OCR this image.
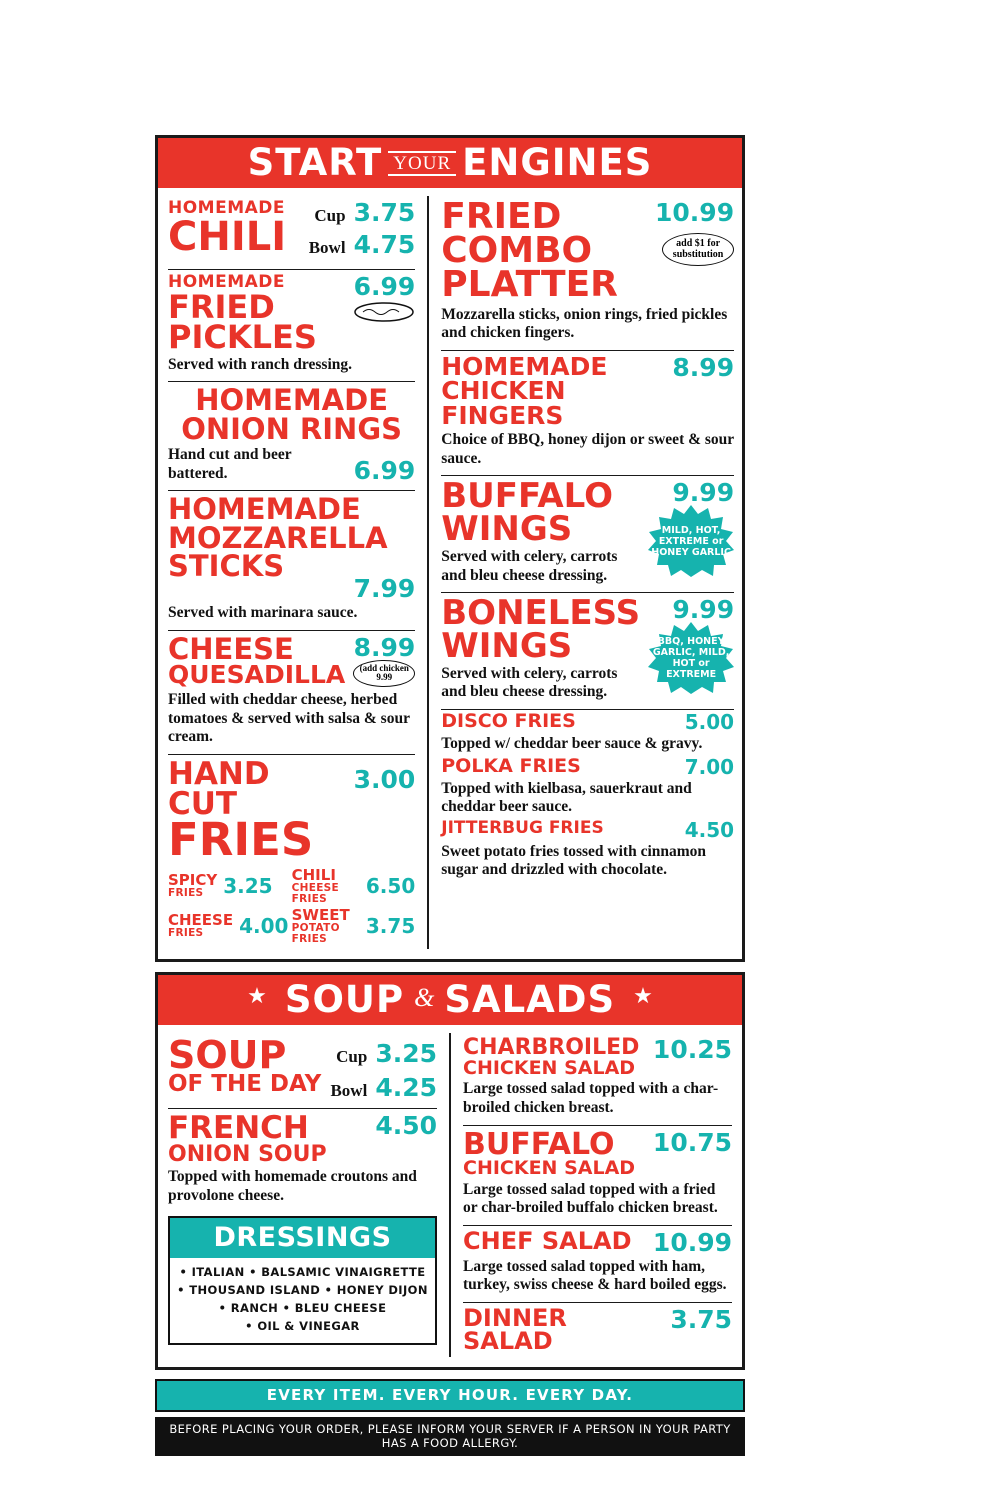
START YOUR ENGINES
HOMEMADE
CHILI Cup 3.75
Bowl 4.75
HOMEMADE
FRIED PICKLES
6.99
Served with ranch dressing.
HOMEMADE ONION RINGS
Hand cut and beer battered.	6.99
HOMEMADE MOZZARELLA STICKS
7.99
Served with marinara sauce.
CHEESE
QUESADILLA
8.99
(add chicken 9.99
Filled with cheddar cheese, herbed tomatoes & served with salsa & sour cream.
HAND CUT
FRIES
3.00
SPICY
FRIES 3.25 CHILI
CHEESE FRIES
6.50
CHEESE
FRIES	4.00 SWEET
POTATO FRIES
3.75
FRIED COMBO PLATTER
10.99
add $1 for substitution
Mozzarella sticks, onion rings, fried pickles and chicken fingers.
HOMEMADE CHICKEN FINGERS
8.99
Choice of BBQ, honey dijon or sweet & sour sauce.
BUFFALO WINGS
Served with celery, carrots and bleu cheese dressing.
9.99
MILD, HOT, EXTREME or HONEY GARLIC
BONELESS WINGS
Served with celery, carrots and bleu cheese dressing.
9.99
BBQ, HONEY GARLIC, MILD, HOT or EXTREME
DISCO FRIES	5.00
Topped w/ cheddar beer sauce & gravy.
POLKA FRIES	7.00
Topped with kielbasa, sauerkraut and cheddar beer sauce.
JITTERBUG FRIES	4.50
Sweet potato fries tossed with cinnamon sugar and drizzled with chocolate.
★ SOUP & SALADS ★
SOUP
OF THE DAY
Cup 3.25
Bowl 4.25
FRENCH
ONION SOUP
4.50
Topped with homemade croutons and provolone cheese.
DRESSINGS
• ITALIAN • BALSAMIC VINAIGRETTE
• THOUSAND ISLAND • HONEY DIJON
• RANCH • BLEU CHEESE
• OIL & VINEGAR
CHARBROILED
CHICKEN SALAD
10.25
Large tossed salad topped with a char-broiled chicken breast.
BUFFALO
CHICKEN SALAD
10.75
Large tossed salad topped with a fried or char-broiled buffalo chicken breast.
CHEF SALAD 10.99
Large tossed salad topped with ham, turkey, swiss cheese & hard boiled eggs.
DINNER SALAD
3.75
EVERY ITEM. EVERY HOUR. EVERY DAY.
BEFORE PLACING YOUR ORDER, PLEASE INFORM YOUR SERVER IF A PERSON IN YOUR PARTY HAS A FOOD ALLERGY.
